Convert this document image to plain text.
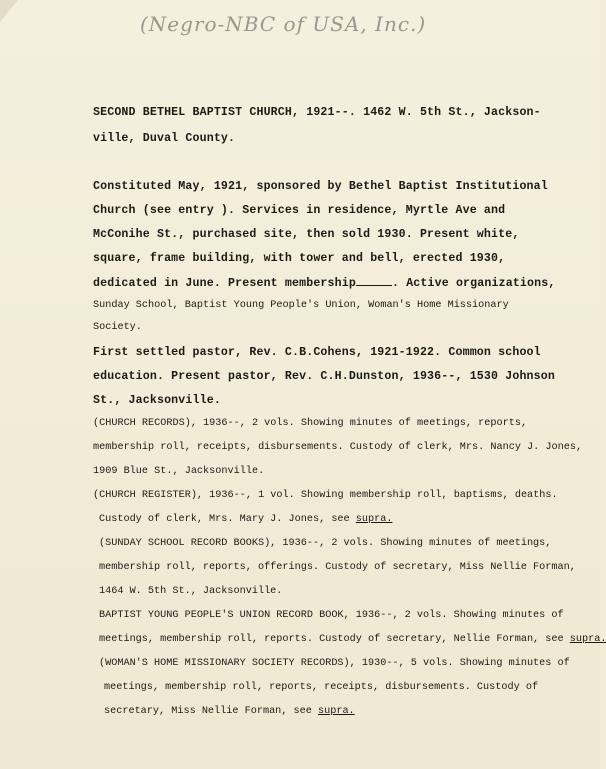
(Negro-NBC of USA, Inc.)
SECOND BETHEL BAPTIST CHURCH, 1921--. 1462 W. 5th St., Jackson-
ville, Duval County.
Constituted May, 1921, sponsored by Bethel Baptist Institutional
Church (see entry ). Services in residence, Myrtle Ave and
McConihe St., purchased site, then sold 1930. Present white,
square, frame building, with tower and bell, erected 1930,
dedicated in June. Present membership	. Active organizations,
Sunday School, Baptist Young People's Union, Woman's Home Missionary
Society.
First settled pastor, Rev. C.B.Cohens, 1921-1922. Common school
education. Present pastor, Rev. C.H.Dunston, 1936--, 1530 Johnson
St., Jacksonville.
(CHURCH RECORDS), 1936--, 2 vols. Showing minutes of meetings, reports,
membership roll, receipts, disbursements. Custody of clerk, Mrs. Nancy J. Jones,
1909 Blue St., Jacksonville.
(CHURCH REGISTER), 1936--, 1 vol. Showing membership roll, baptisms, deaths.
Custody of clerk, Mrs. Mary J. Jones, see supra.
(SUNDAY SCHOOL RECORD BOOKS), 1936--, 2 vols. Showing minutes of meetings,
membership roll, reports, offerings. Custody of secretary, Miss Nellie Forman,
1464 W. 5th St., Jacksonville.
BAPTIST YOUNG PEOPLE'S UNION RECORD BOOK, 1936--, 2 vols. Showing minutes of
meetings, membership roll, reports. Custody of secretary, Nellie Forman, see supra.
(WOMAN'S HOME MISSIONARY SOCIETY RECORDS), 1930--, 5 vols. Showing minutes of
meetings, membership roll, reports, receipts, disbursements. Custody of
secretary, Miss Nellie Forman, see supra.
